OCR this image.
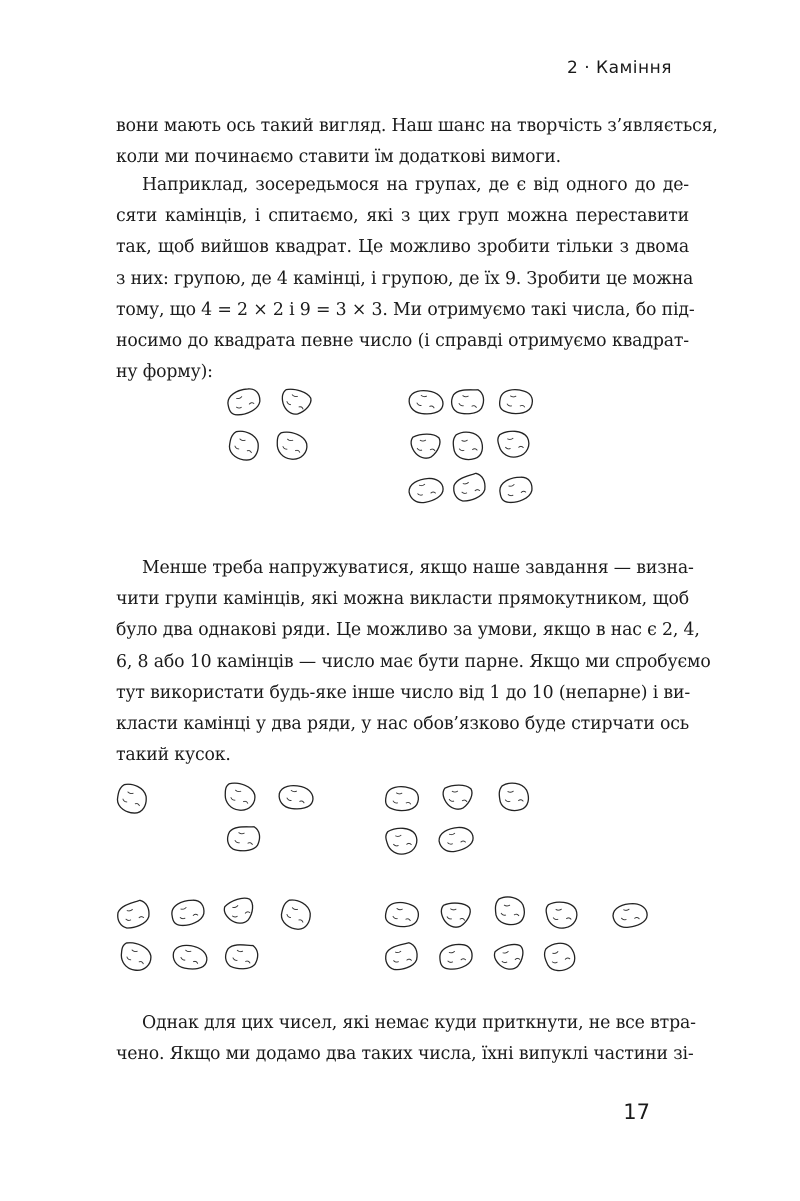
2 · Каміння

вони мають ось такий вигляд. Наш шанс на творчість з’являється,
коли ми починаємо ставити їм додаткові вимоги.

Наприклад, зосередьмося на групах, де є від одного до де-
сяти камінців, і спитаємо, які з цих груп можна переставити
так, щоб вийшов квадрат. Це можливо зробити тільки з двома
з них: групою, де 4 камінці, і групою, де їх 9. Зробити це можна
тому, що 4 = 2 × 2 і 9 = 3 × 3. Ми отримуємо такі числа, бо під-
носимо до квадрата певне число (і справді отримуємо квадрат-
ну форму):

Менше треба напружуватися, якщо наше завдання — визна-
чити групи камінців, які можна викласти прямокутником, щоб
було два однакові ряди. Це можливо за умови, якщо в нас є 2, 4,
6, 8 або 10 камінців — число має бути парне. Якщо ми спробуємо
тут використати будь-яке інше число від 1 до 10 (непарне) і ви-
класти камінці у два ряди, у нас обов’язково буде стирчати ось
такий кусок.

Однак для цих чисел, які немає куди приткнути, не все втра-
чено. Якщо ми додамо два таких числа, їхні випуклі частини зі-

17
